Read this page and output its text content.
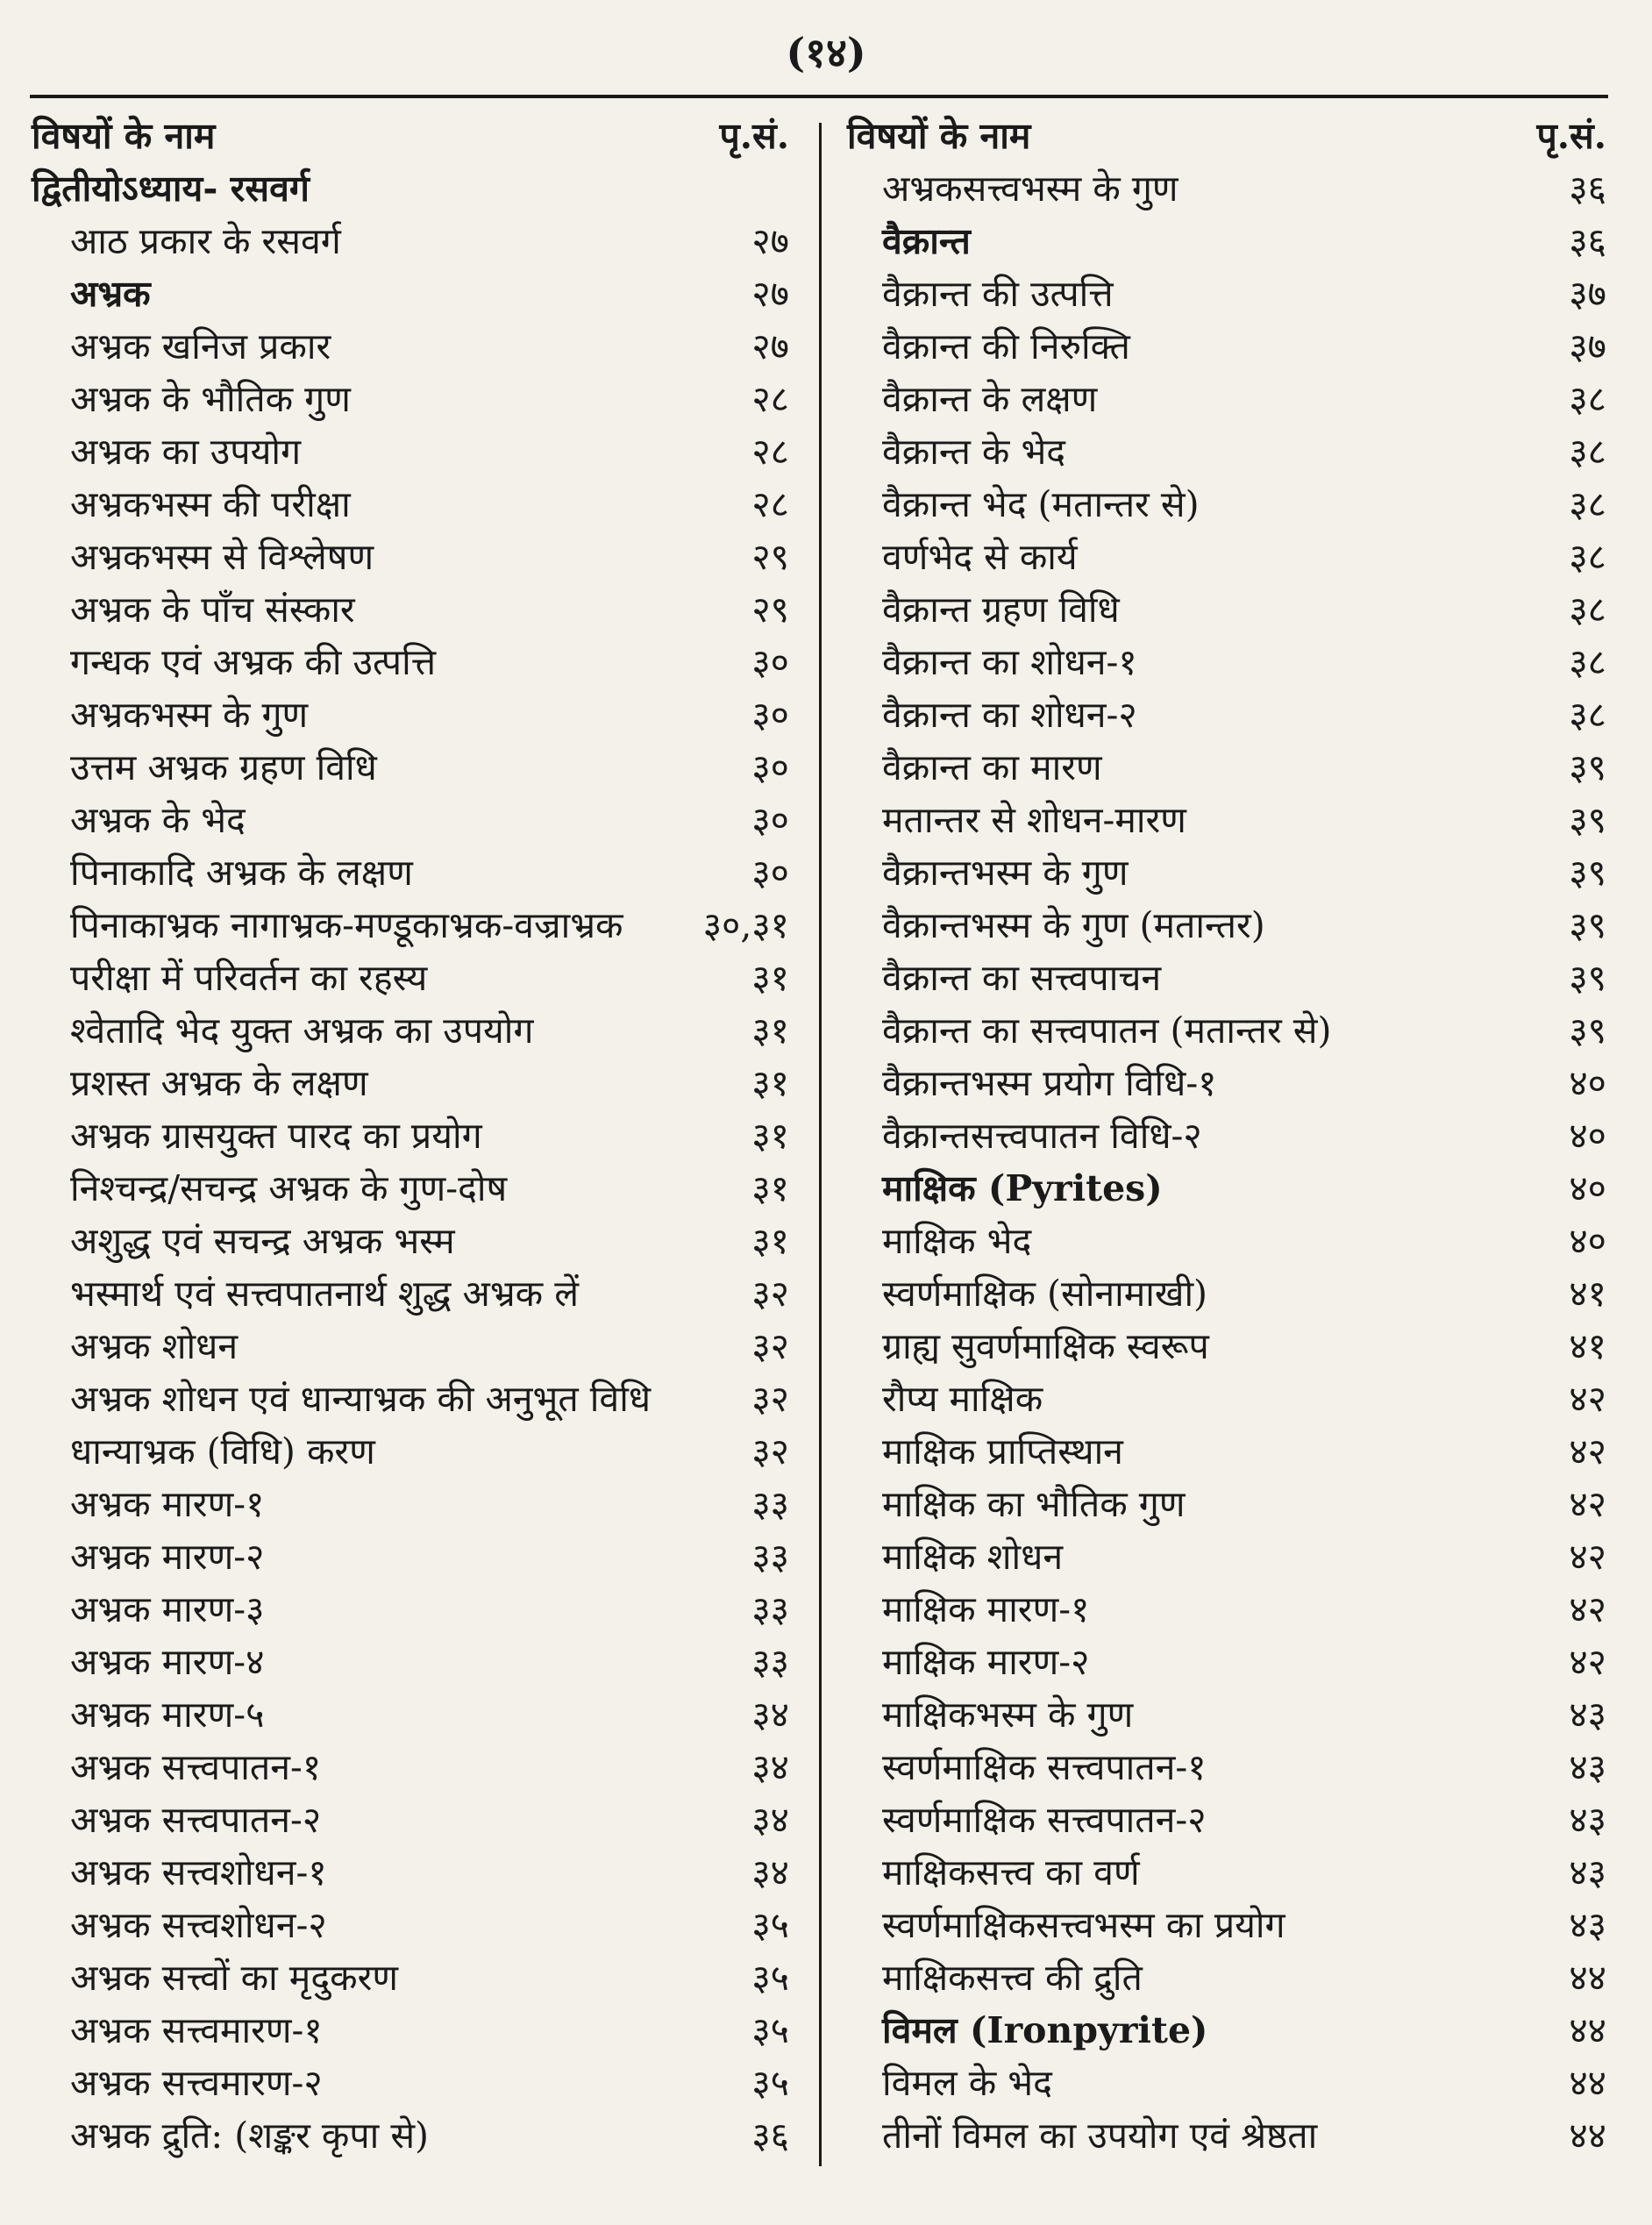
(१४)
विषयों के नाम	पृ.सं.
द्वितीयोऽध्याय- रसवर्ग
आठ प्रकार के रसवर्ग	२७
अभ्रक	२७
अभ्रक खनिज प्रकार	२७
अभ्रक के भौतिक गुण	२८
अभ्रक का उपयोग	२८
अभ्रकभस्म की परीक्षा	२८
अभ्रकभस्म से विश्लेषण	२९
अभ्रक के पाँच संस्कार	२९
गन्धक एवं अभ्रक की उत्पत्ति	३०
अभ्रकभस्म के गुण	३०
उत्तम अभ्रक ग्रहण विधि	३०
अभ्रक के भेद	३०
पिनाकादि अभ्रक के लक्षण	३०
पिनाकाभ्रक नागाभ्रक-मण्डूकाभ्रक-वज्राभ्रक ३०,३१
परीक्षा में परिवर्तन का रहस्य	३१
श्वेतादि भेद युक्त अभ्रक का उपयोग	३१
प्रशस्त अभ्रक के लक्षण	३१
अभ्रक ग्रासयुक्त पारद का प्रयोग	३१
निश्चन्द्र/सचन्द्र अभ्रक के गुण-दोष	३१
अशुद्ध एवं सचन्द्र अभ्रक भस्म	३१
भस्मार्थ एवं सत्त्वपातनार्थ शुद्ध अभ्रक लें	३२
अभ्रक शोधन	३२
अभ्रक शोधन एवं धान्याभ्रक की अनुभूत विधि	३२
धान्याभ्रक (विधि) करण	३२
अभ्रक मारण-१	३३
अभ्रक मारण-२	३३
अभ्रक मारण-३	३३
अभ्रक मारण-४	३३
अभ्रक मारण-५	३४
अभ्रक सत्त्वपातन-१	३४
अभ्रक सत्त्वपातन-२	३४
अभ्रक सत्त्वशोधन-१	३४
अभ्रक सत्त्वशोधन-२	३५
अभ्रक सत्त्वों का मृदुकरण	३५
अभ्रक सत्त्वमारण-१	३५
अभ्रक सत्त्वमारण-२	३५
अभ्रक द्रुति: (शङ्कर कृपा से)	३६
विषयों के नाम	पृ.सं.
अभ्रकसत्त्वभस्म के गुण	३६
वैक्रान्त	३६
वैक्रान्त की उत्पत्ति	३७
वैक्रान्त की निरुक्ति	३७
वैक्रान्त के लक्षण	३८
वैक्रान्त के भेद	३८
वैक्रान्त भेद (मतान्तर से)	३८
वर्णभेद से कार्य	३८
वैक्रान्त ग्रहण विधि	३८
वैक्रान्त का शोधन-१	३८
वैक्रान्त का शोधन-२	३८
वैक्रान्त का मारण	३९
मतान्तर से शोधन-मारण	३९
वैक्रान्तभस्म के गुण	३९
वैक्रान्तभस्म के गुण (मतान्तर)	३९
वैक्रान्त का सत्त्वपाचन	३९
वैक्रान्त का सत्त्वपातन (मतान्तर से)	३९
वैक्रान्तभस्म प्रयोग विधि-१	४०
वैक्रान्तसत्त्वपातन विधि-२	४०
माक्षिक (Pyrites)	४०
माक्षिक भेद	४०
स्वर्णमाक्षिक (सोनामाखी)	४१
ग्राह्य सुवर्णमाक्षिक स्वरूप	४१
रौप्य माक्षिक	४२
माक्षिक प्राप्तिस्थान	४२
माक्षिक का भौतिक गुण	४२
माक्षिक शोधन	४२
माक्षिक मारण-१	४२
माक्षिक मारण-२	४२
माक्षिकभस्म के गुण	४३
स्वर्णमाक्षिक सत्त्वपातन-१	४३
स्वर्णमाक्षिक सत्त्वपातन-२	४३
माक्षिकसत्त्व का वर्ण	४३
स्वर्णमाक्षिकसत्त्वभस्म का प्रयोग	४३
माक्षिकसत्त्व की द्रुति	४४
विमल (Ironpyrite)	४४
विमल के भेद	४४
तीनों विमल का उपयोग एवं श्रेष्ठता	४४
